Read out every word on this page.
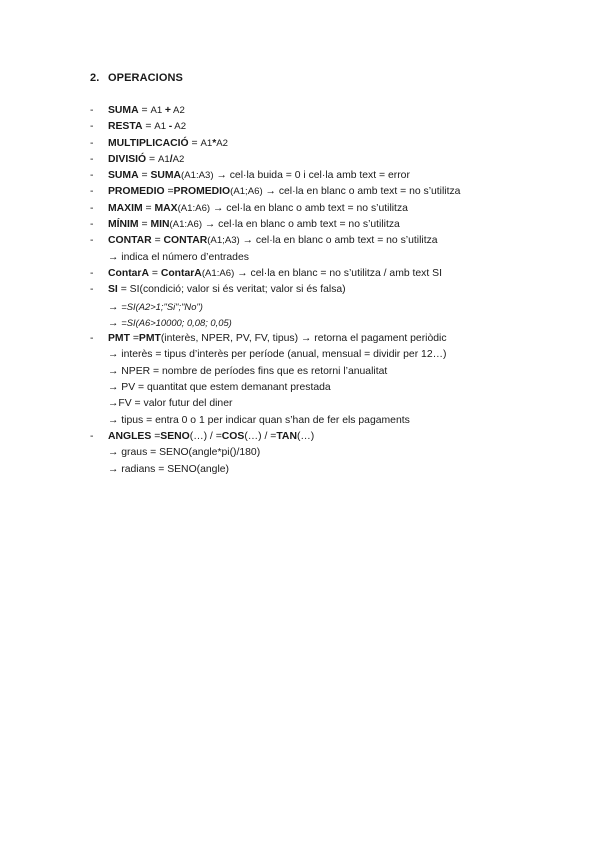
2. OPERACIONS
-	SUMA = A1 + A2
-	RESTA = A1 - A2
-	MULTIPLICACIÓ = A1*A2
-	DIVISIÓ = A1/A2
-	SUMA = SUMA(A1:A3) → cel·la buida = 0 i cel·la amb text = error
-	PROMEDIO =PROMEDIO(A1;A6) → cel·la en blanc o amb text = no s’utilitza
-	MAXIM = MAX(A1:A6) → cel·la en blanc o amb text = no s’utilitza
-	MÍNIM = MIN(A1:A6) → cel·la en blanc o amb text = no s’utilitza
-	CONTAR = CONTAR(A1;A3) → cel·la en blanc o amb text = no s’utilitza
→ indica el número d’entrades
-	ContarA = ContarA(A1:A6) → cel·la en blanc = no s’utilitza / amb text SI
-	SI = SI(condició; valor si és veritat; valor si és falsa)
→ =SI(A2>1;"Si";"No")
→ =SI(A6>10000; 0,08; 0,05)
-	PMT =PMT(interès, NPER, PV, FV, tipus) → retorna el pagament periòdic
→ interès = tipus d’interès per període (anual, mensual = dividir per 12…)
→ NPER = nombre de períodes fins que es retorni l’anualitat
→ PV = quantitat que estem demanant prestada
→FV = valor futur del diner
→ tipus = entra 0 o 1 per indicar quan s’han de fer els pagaments
-	ANGLES =SENO(…) / =COS(…) / =TAN(…)
→ graus = SENO(angle*pi()/180)
→ radians = SENO(angle)
